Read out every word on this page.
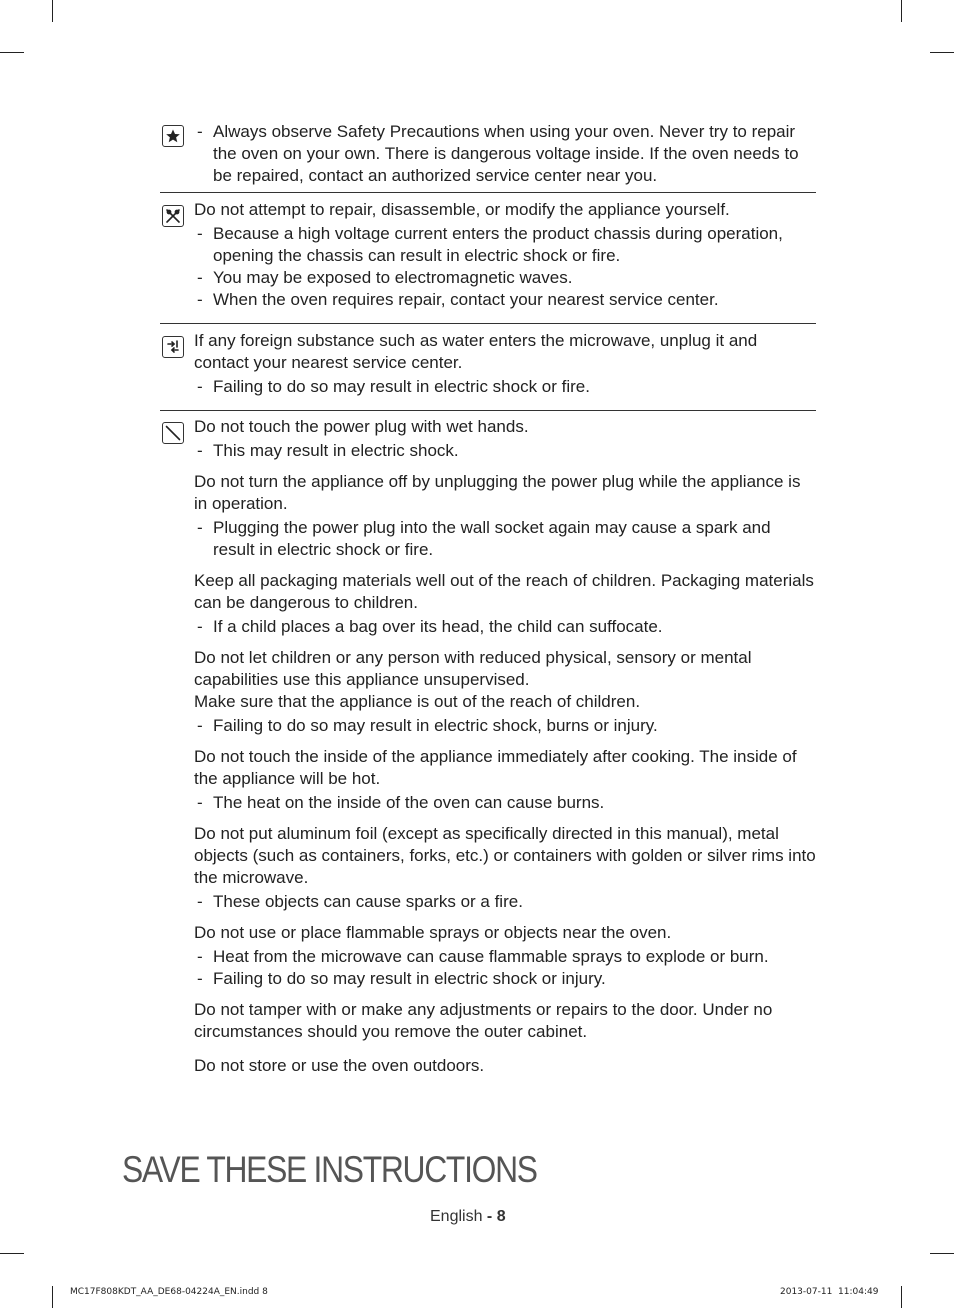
- Always observe Safety Precautions when using your oven. Never try to repair the oven on your own. There is dangerous voltage inside. If the oven needs to be repaired, contact an authorized service center near you.

Do not attempt to repair, disassemble, or modify the appliance yourself.

- Because a high voltage current enters the product chassis during operation, opening the chassis can result in electric shock or fire.
- You may be exposed to electromagnetic waves.
- When the oven requires repair, contact your nearest service center.

If any foreign substance such as water enters the microwave, unplug it and contact your nearest service center.

- Failing to do so may result in electric shock or fire.

Do not touch the power plug with wet hands.

- This may result in electric shock.

Do not turn the appliance off by unplugging the power plug while the appliance is in operation.

- Plugging the power plug into the wall socket again may cause a spark and result in electric shock or fire.

Keep all packaging materials well out of the reach of children. Packaging materials can be dangerous to children.

- If a child places a bag over its head, the child can suffocate.

Do not let children or any person with reduced physical, sensory or mental capabilities use this appliance unsupervised.

Make sure that the appliance is out of the reach of children.

- Failing to do so may result in electric shock, burns or injury.

Do not touch the inside of the appliance immediately after cooking. The inside of the appliance will be hot.

- The heat on the inside of the oven can cause burns.

Do not put aluminum foil (except as specifically directed in this manual), metal objects (such as containers, forks, etc.) or containers with golden or silver rims into the microwave.

- These objects can cause sparks or a fire.

Do not use or place flammable sprays or objects near the oven.

- Heat from the microwave can cause flammable sprays to explode or burn.
- Failing to do so may result in electric shock or injury.

Do not tamper with or make any adjustments or repairs to the door. Under no circumstances should you remove the outer cabinet.

Do not store or use the oven outdoors.

SAVE THESE INSTRUCTIONS
English - 8
MC17F808KDT_AA_DE68-04224A_EN.indd 8	2013-07-11 ￼ 11:04:49
